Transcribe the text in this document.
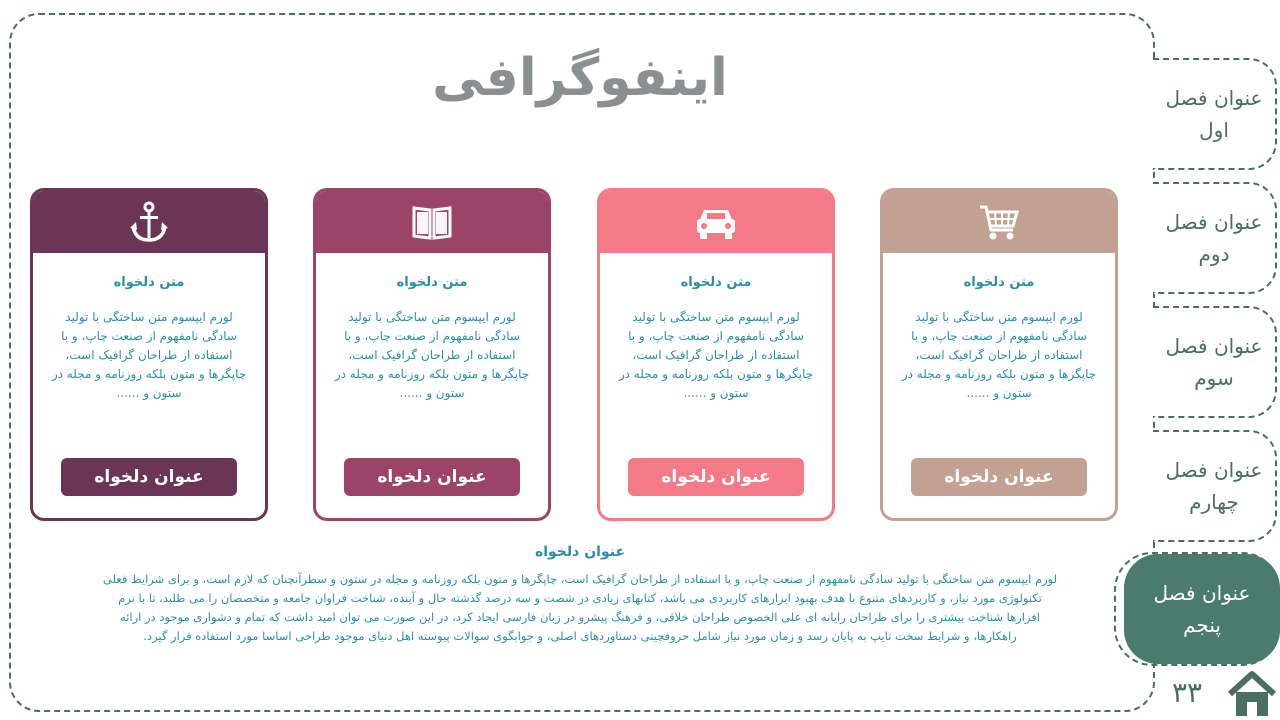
اینفوگرافی
متن دلخواه
لورم ایپسوم متن ساختگی با تولید سادگی نامفهوم از صنعت چاپ، و با استفاده از طراحان گرافیک است، چاپگرها و متون بلکه روزنامه و مجله در ستون و ......
عنوان دلخواه
متن دلخواه
لورم ایپسوم متن ساختگی با تولید سادگی نامفهوم از صنعت چاپ، و با استفاده از طراحان گرافیک است، چاپگرها و متون بلکه روزنامه و مجله در ستون و ......
عنوان دلخواه
متن دلخواه
لورم ایپسوم متن ساختگی با تولید سادگی نامفهوم از صنعت چاپ، و با استفاده از طراحان گرافیک است، چاپگرها و متون بلکه روزنامه و مجله در ستون و ......
عنوان دلخواه
متن دلخواه
لورم ایپسوم متن ساختگی با تولید سادگی نامفهوم از صنعت چاپ، و با استفاده از طراحان گرافیک است، چاپگرها و متون بلکه روزنامه و مجله در ستون و ......
عنوان دلخواه
عنوان دلخواه
لورم ایپسوم متن ساختگی با تولید سادگی نامفهوم از صنعت چاپ، و با استفاده از طراحان گرافیک است، چاپگرها و متون بلکه روزنامه و مجله در ستون و سطرآنچنان که لازم است، و برای شرایط فعلی تکنولوژی مورد نیاز، و کاربردهای متنوع با هدف بهبود ابزارهای کاربردی می باشد، کتابهای زیادی در شصت و سه درصد گذشته حال و آینده، شناخت فراوان جامعه و متخصصان را می طلبد، تا با نرم افزارها شناخت بیشتری را برای طراحان رایانه ای علی الخصوص طراحان خلاقی، و فرهنگ پیشرو در زبان فارسی ایجاد کرد، در این صورت می توان امید داشت که تمام و دشواری موجود در ارائه راهکارها، و شرایط سخت تایپ به پایان رسد و زمان مورد نیاز شامل حروفچینی دستاوردهای اصلی، و جوابگوی سوالات پیوسته اهل دنیای موجود طراحی اساسا مورد استفاده قرار گیرد.
عنوان فصل
اول
عنوان فصل
دوم
عنوان فصل
سوم
عنوان فصل
چهارم
عنوان فصل
پنجم
۳۳
